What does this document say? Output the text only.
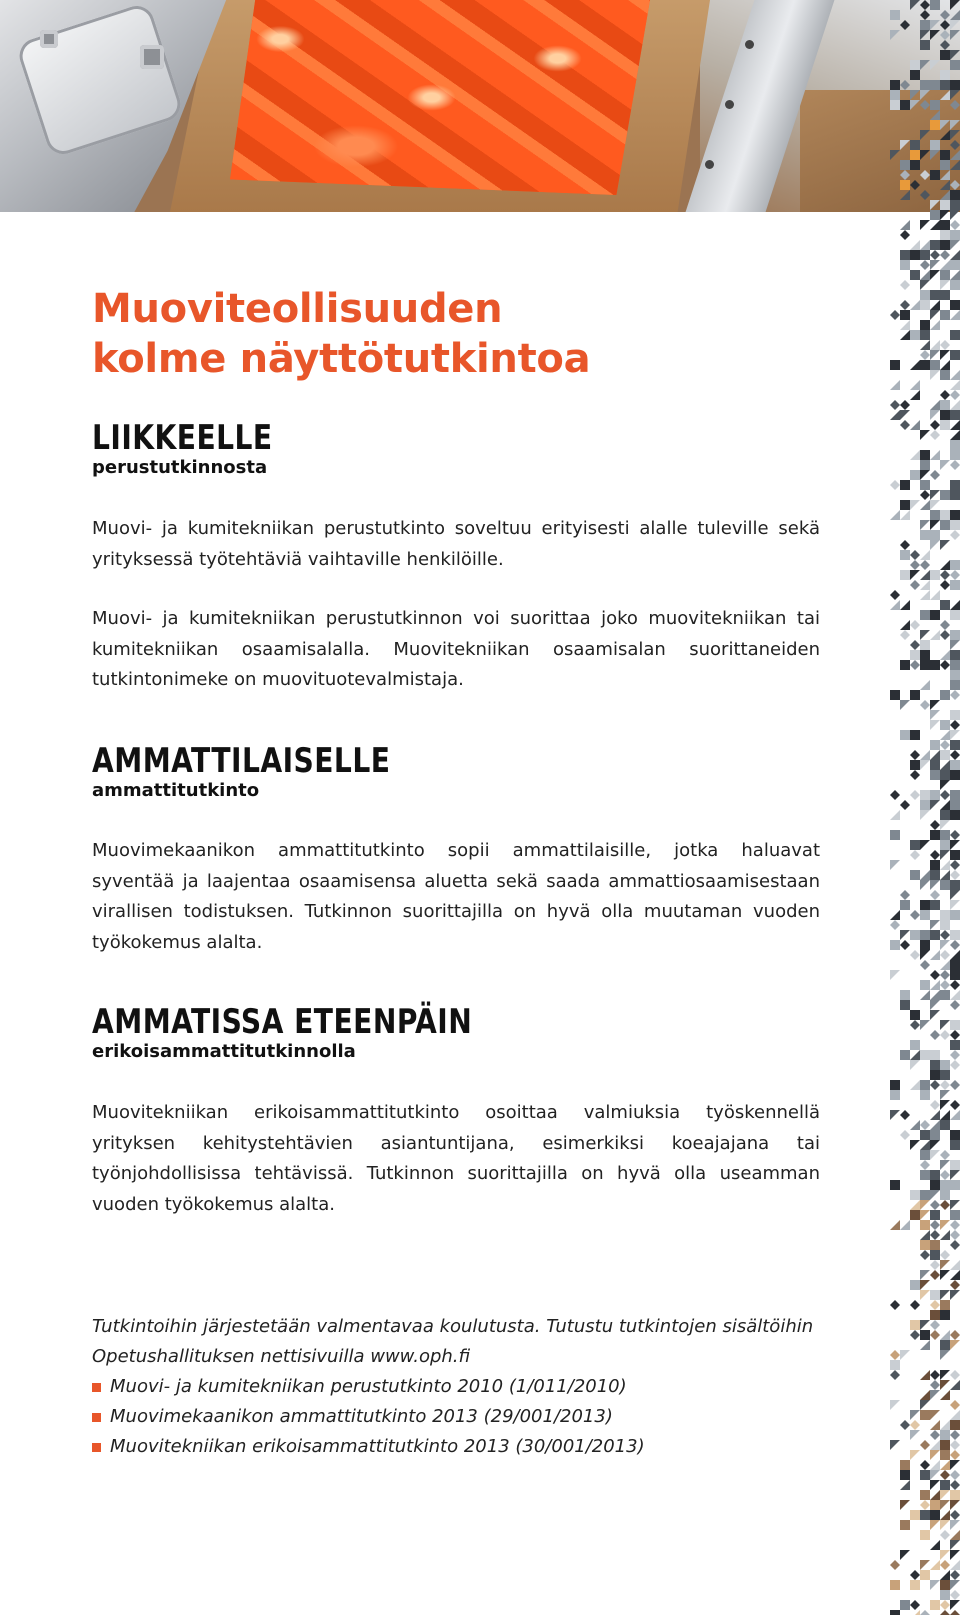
Muoviteollisuuden
kolme näyttötutkintoa
LIIKKEELLE

perustutkinnosta

Muovi- ja kumitekniikan perustutkinto soveltuu erityisesti alalle tuleville sekä yrityksessä työtehtäviä vaihtaville henkilöille.

Muovi- ja kumitekniikan perustutkinnon voi suorittaa joko muovitekniikan tai kumitekniikan osaamisalalla. Muovitekniikan osaamisalan suorittaneiden tutkintonimeke on muovituotevalmistaja.

AMMATTILAISELLE

ammattitutkinto

Muovimekaanikon ammattitutkinto sopii ammattilaisille, jotka haluavat syventää ja laajentaa osaamisensa aluetta sekä saada ammattiosaamisestaan virallisen todistuksen. Tutkinnon suorittajilla on hyvä olla muutaman vuoden työkokemus alalta.

AMMATISSA ETEENPÄIN

erikoisammattitutkinnolla

Muovitekniikan erikoisammattitutkinto osoittaa valmiuksia työskennellä yrityksen kehitystehtävien asiantuntijana, esimerkiksi koeajajana tai työnjohdollisissa tehtävissä. Tutkinnon suorittajilla on hyvä olla useamman vuoden työkokemus alalta.

Tutkintoihin järjestetään valmentavaa koulutusta. Tutustu tutkintojen sisältöihin Opetushallituksen nettisivuilla www.oph.fi

Muovi- ja kumitekniikan perustutkinto 2010 (1/011/2010)
Muovimekaanikon ammattitutkinto 2013 (29/001/2013)
Muovitekniikan erikoisammattitutkinto 2013 (30/001/2013)
